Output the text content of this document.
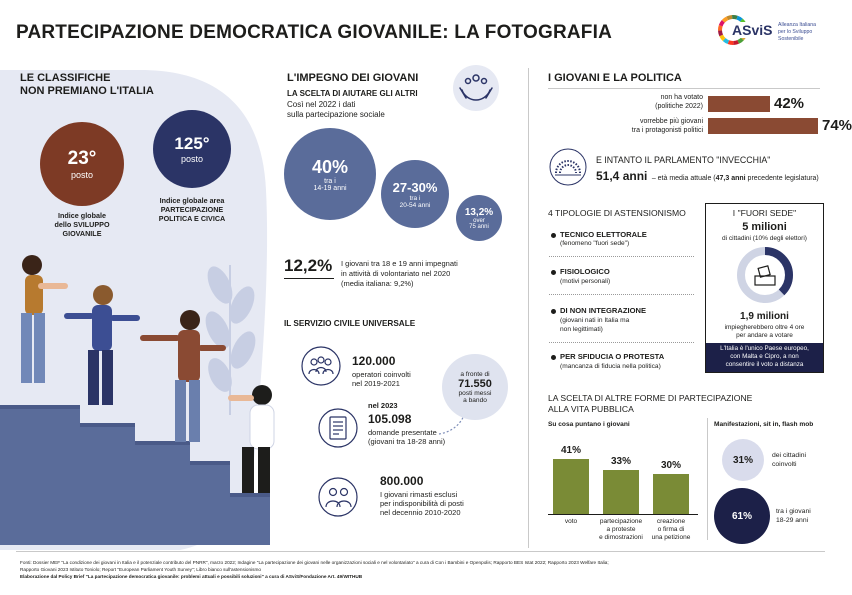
PARTECIPAZIONE DEMOCRATICA GIOVANILE: LA FOTOGRAFIA	ASviS Alleanza Italiana
per lo Sviluppo
Sostenibile
LE CLASSIFICHE
NON PREMIANO L'ITALIA
23°
posto
Indice globale
dello SVILUPPO
GIOVANILE
125°
posto
Indice globale area
PARTECIPAZIONE
POLITICA E CIVICA
L'IMPEGNO DEI GIOVANI
LA SCELTA DI AIUTARE GLI ALTRI
Così nel 2022 i dati
sulla partecipazione sociale
40%
tra i
14-19 anni	27-30%
tra i
20-54 anni
13,2%
over
75 anni
12,2% I giovani tra 18 e 19 anni impegnati
in attività di volontariato nel 2020
(media italiana: 9,2%)
IL SERVIZIO CIVILE UNIVERSALE
120.000
operatori coinvolti
nel 2019-2021
nel 2023
105.098
domande presentate
(giovani tra 18-28 anni)
a fronte di
71.550
posti messi
a bando
800.000
I giovani rimasti esclusi
per indisponibilità di posti
nel decennio 2010-2020
I GIOVANI E LA POLITICA
non ha votato
(politiche 2022)	42%
vorrebbe più giovani
tra i protagonisti politici	74%
E INTANTO IL PARLAMENTO "INVECCHIA"
51,4 anni – età media attuale (47,3 anni precedente legislatura)
4 TIPOLOGIE DI ASTENSIONISMO
TECNICO ELETTORALE
(fenomeno "fuori sede")
FISIOLOGICO
(motivi personali)
DI NON INTEGRAZIONE
(giovani nati in Italia ma
non legittimati)
PER SFIDUCIA O PROTESTA
(mancanza di fiducia nella politica)
I "FUORI SEDE"
5 milioni
di cittadini (10% degli elettori)
1,9 milioni
impiegherebbero oltre 4 ore
per andare a votare
L'Italia è l'unico Paese europeo,
con Malta e Cipro, a non
consentire il voto a distanza
LA SCELTA DI ALTRE FORME DI PARTECIPAZIONE
ALLA VITA PUBBLICA
Su cosa puntano i giovani	Manifestazioni, sit in, flash mob
41%
33%	30%
voto	partecipazione
a proteste
e dimostrazioni
creazione
o firma di
una petizione
31%	dei cittadini
coinvolti
61%	tra i giovani
18-29 anni
Fonti: Dossier MEF "La condizione dei giovani in Italia e il potenziale contributo del PNRR", marzo 2022; Indagine "La partecipazione dei giovani nelle organizzazioni sociali e nel volontariato" a cura di Con i Bambini e Openpolis; Rapporto BES Istat 2022; Rapporto 2023 Welfare Italia;
Rapporto Giovani 2023 Istituto Toniolo; Report "European Parliament Youth Survey"; Libro bianco sull'astensionismo
Elaborazione dal Policy Brief "La partecipazione democratica giovanile: problemi attuali e possibili soluzioni" a cura di ASviS/Fondazione Art. 49/WITHUB
